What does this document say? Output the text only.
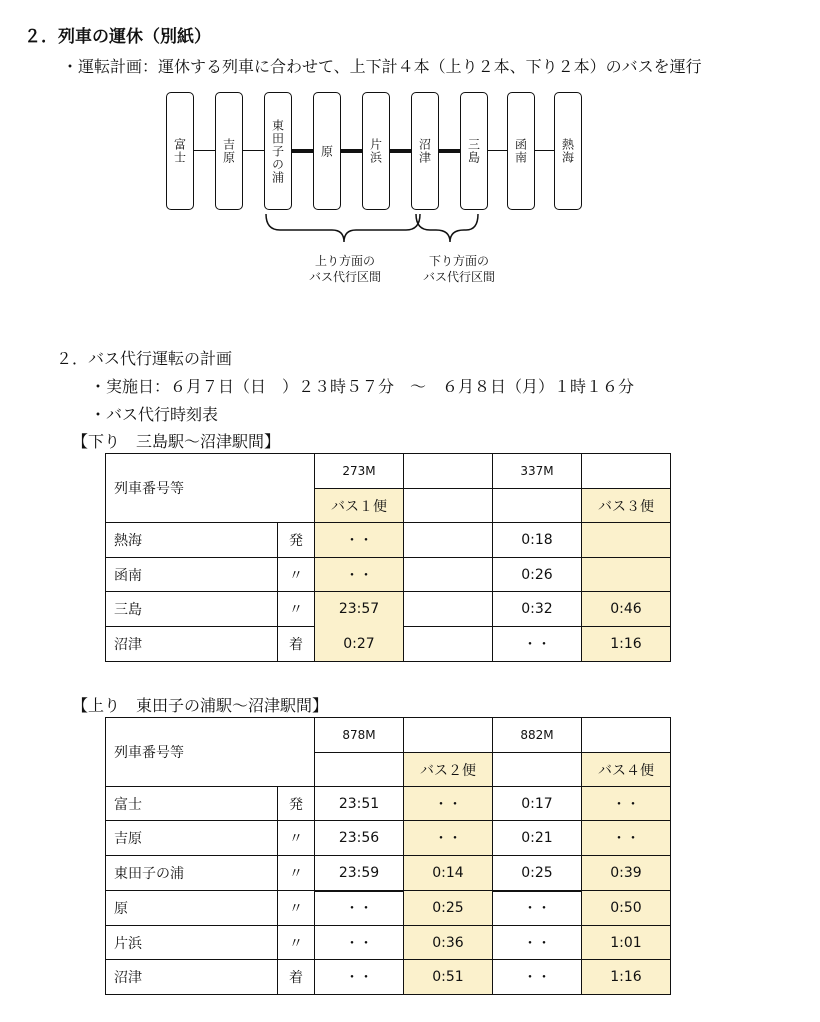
２．列車の運休（別紙）
・運転計画：運休する列車に合わせて、上下計４本（上り２本、下り２本）のバスを運行
富士	吉原	東田子の浦	原	片浜	沼津	三島	函南	熱海
上り方面の
バス代行区間
下り方面の
バス代行区間
２．バス代行運転の計画
・実施日：６月７日（日　）２３時５７分　～　６月８日（月）１時１６分
・バス代行時刻表
【下り　三島駅～沼津駅間】
列車番号等		273M		337M	
		バス１便			バス３便
熱海	発	・・		0:18	
函南	〃	・・		0:26	
三島	〃	23:57		0:32	0:46
沼津	着	0:27		・・	1:16
【上り　東田子の浦駅～沼津駅間】
列車番号等		878M		882M	
			バス２便		バス４便
富士	発	23:51	・・	0:17	・・
吉原	〃	23:56	・・	0:21	・・
東田子の浦	〃	23:59	0:14	0:25	0:39
原	〃	・・	0:25	・・	0:50
片浜	〃	・・	0:36	・・	1:01
沼津	着	・・	0:51	・・	1:16
